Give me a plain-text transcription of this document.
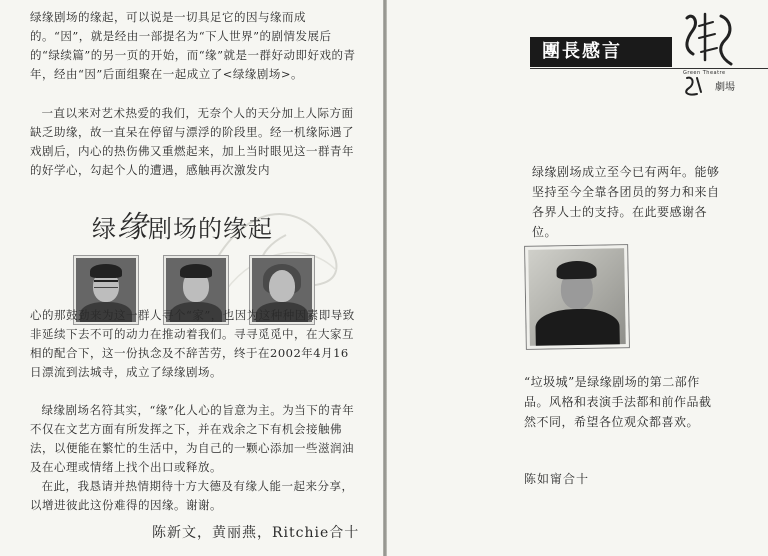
绿缘剧场的缘起，可以说是一切具足它的因与缘而成的。“因”，就是经由一部提名为“下人世界”的剧情发展后的“绿续篇”的另一页的开始，而“缘”就是一群好动即好戏的青年，经由“因”后面组聚在一起成立了<绿缘剧场>。

一直以来对艺术热爱的我们，无奈个人的天分加上人际方面缺乏助缘，故一直呆在停留与漂浮的阶段里。经一机缘际遇了戏剧后，内心的热伤佛又重燃起来，加上当时眼见这一群青年的好学心，勾起个人的遭遇，感触再次激发内

绿缘剧场的缘起

心的那鼓劲来为这一群人寻个“家”，也因为这种种因素即导致非延续下去不可的动力在推动着我们。寻寻觅觅中，在大家互相的配合下，这一份执念及不辞苦劳，终于在2002年4月16日漂流到法城寺，成立了绿缘剧场。

绿缘剧场名符其实，“缘”化人心的旨意为主。为当下的青年不仅在文艺方面有所发挥之下，并在戏余之下有机会接触佛法，以便能在繁忙的生活中，为自己的一颗心添加一些滋润油及在心理或情绪上找个出口或释放。

在此，我恳请并热情期待十方大德及有缘人能一起来分享，以增进彼此这份难得的因缘。谢谢。

陈新文，黄丽燕，Ritchie合十
團長感言
Green Theatre
劇場

绿缘剧场成立至今已有两年。能够坚持至今全靠各团员的努力和来自各界人士的支持。在此要感谢各位。

“垃圾城”是绿缘剧场的第二部作品。风格和表演手法都和前作品截然不同，希望各位观众都喜欢。

陈如甯合十
